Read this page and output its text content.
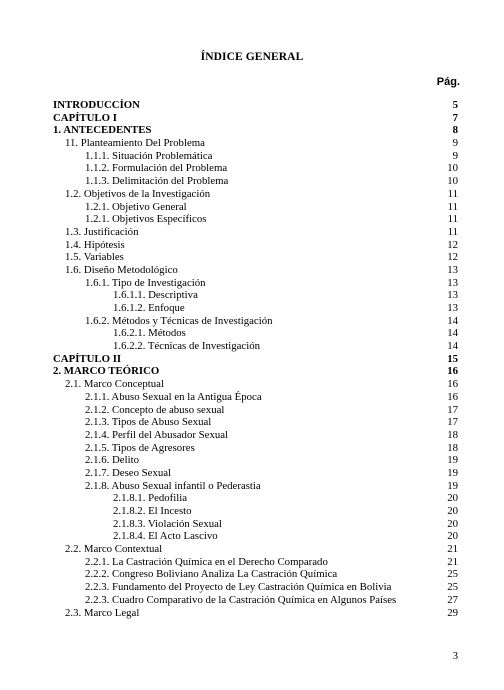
ÍNDICE GENERAL
Pág.
INTRODUCCÍON	5
CAPÍTULO I	7
1. ANTECEDENTES	8
11. Planteamiento Del Problema	9
1.1.1. Situación Problemática	9
1.1.2. Formulación del Problema	10
1.1.3. Delimitación del Problema	10
1.2. Objetivos de la Investigación	11
1.2.1. Objetivo General	11
1.2.1. Objetivos Específicos	11
1.3. Justificación	11
1.4. Hipótesis	12
1.5. Variables	12
1.6. Diseño Metodológico	13
1.6.1. Tipo de Investigación	13
1.6.1.1. Descriptiva	13
1.6.1.2. Enfoque	13
1.6.2. Métodos y Técnicas de Investigación	14
1.6.2.1. Métodos	14
1.6.2.2. Técnicas de Investigación	14
CAPÍTULO II	15
2. MARCO TEÓRICO	16
2.1. Marco Conceptual	16
2.1.1. Abuso Sexual en la Antigua Época	16
2.1.2. Concepto de abuso sexual	17
2.1.3. Tipos de Abuso Sexual	17
2.1.4. Perfil del Abusador Sexual	18
2.1.5. Tipos de Agresores	18
2.1.6. Delito	19
2.1.7. Deseo Sexual	19
2.1.8. Abuso Sexual infantil o Pederastia	19
2.1.8.1. Pedofilia	20
2.1.8.2. El Incesto	20
2.1.8.3. Violación Sexual	20
2.1.8.4. El Acto Lascivo	20
2.2. Marco Contextual	21
2.2.1. La Castración Química en el Derecho Comparado	21
2.2.2. Congreso Boliviano Analiza La Castración Química	25
2.2.3. Fundamento del Proyecto de Ley Castración Química en Bolivia	25
2.2.3. Cuadro Comparativo de la Castración Química en Algunos Países	27
2.3. Marco Legal	29
3
